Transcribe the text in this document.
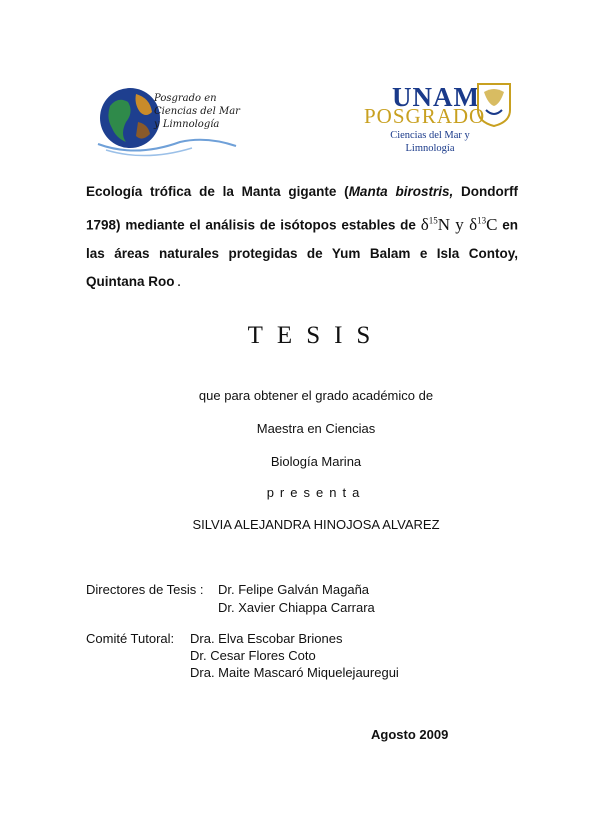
Posgrado en
Ciencias del Mar
y Limnología
UNAM
POSGRADO
Ciencias del Mar y
Limnología
Ecología trófica de la Manta gigante (Manta birostris, Dondorff 1798) mediante el análisis de isótopos estables de $\delta^{15}N$ y $\delta^{13}C$ en las áreas naturales protegidas de Yum Balam e Isla Contoy, Quintana Roo .
TESIS
que para obtener el grado académico de
Maestra en Ciencias
Biología Marina
presenta
SILVIA ALEJANDRA HINOJOSA ALVAREZ
Directores de Tesis : Dr. Felipe Galván Magaña
Dr. Xavier Chiappa Carrara
Comité Tutoral: Dra. Elva Escobar Briones
Dr. Cesar Flores Coto
Dra. Maite Mascaró Miquelejauregui
Agosto 2009
